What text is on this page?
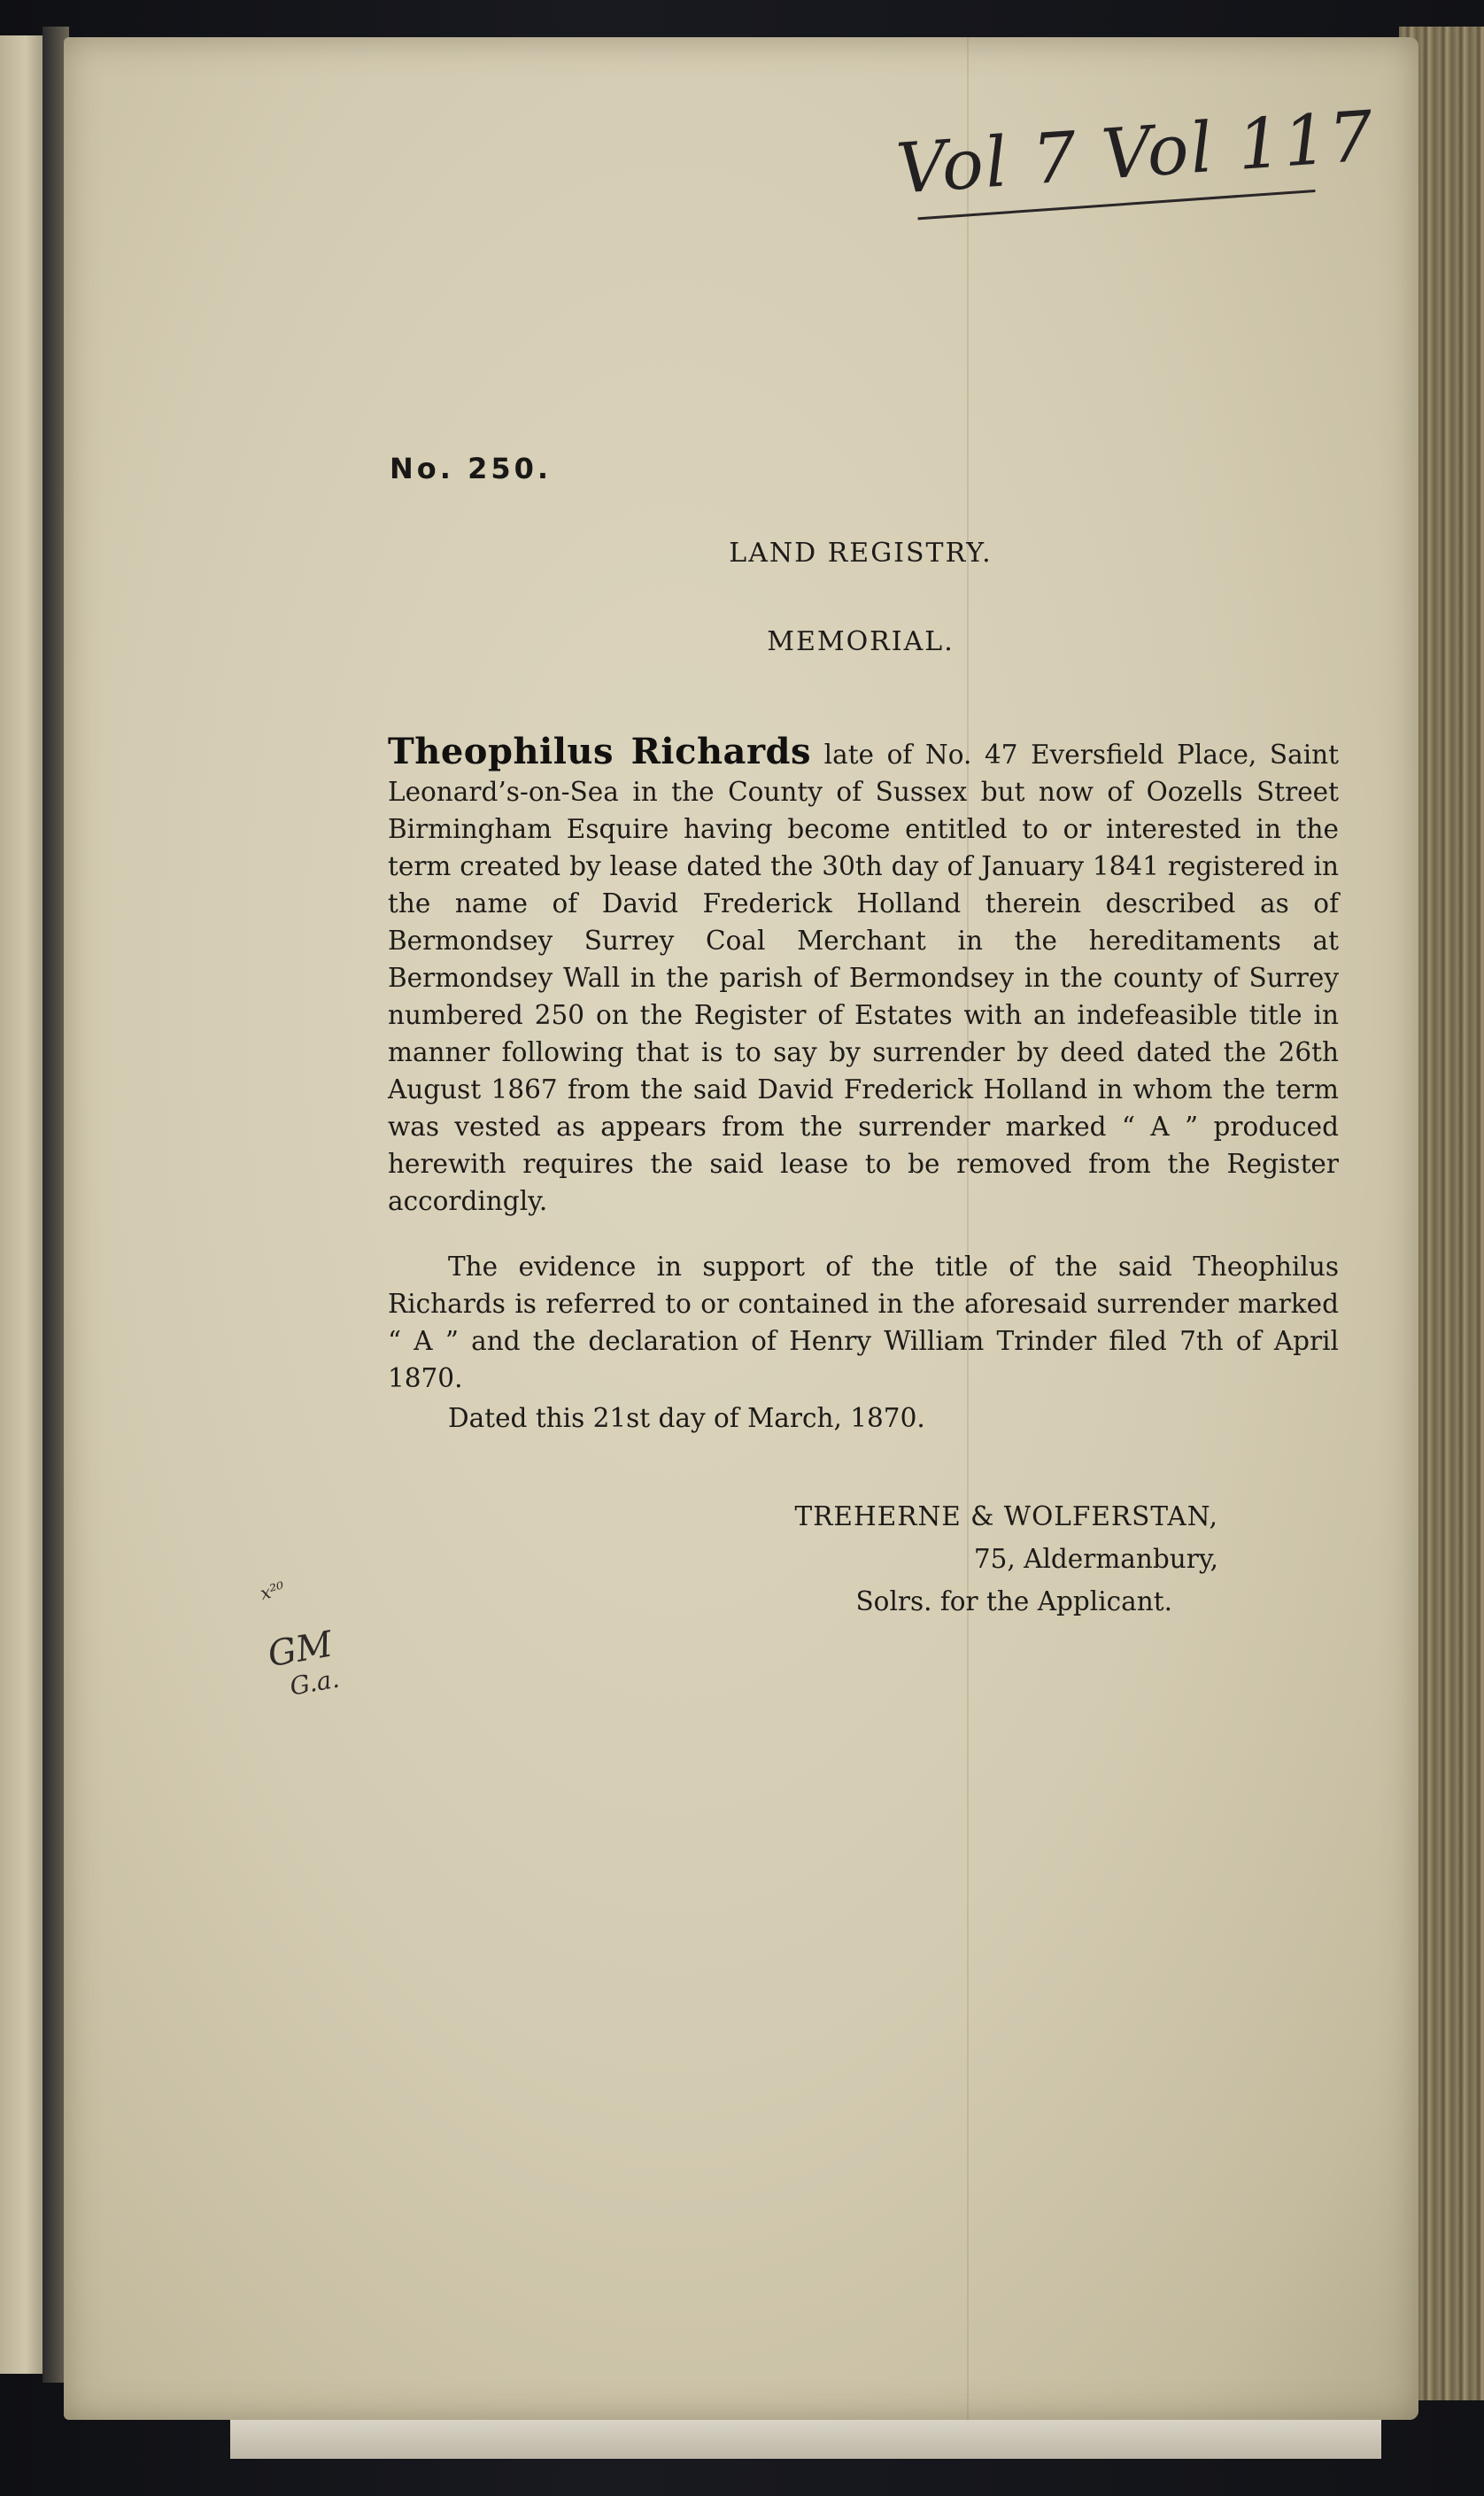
Vol 7 Vol 117
No. 250.
LAND REGISTRY.
MEMORIAL.

Theophilus Richards late of No. 47 Eversfield Place, Saint Leonard’s-on-Sea in the County of Sussex but now of Oozells Street Birmingham Esquire having become entitled to or interested in the term created by lease dated the 30th day of January 1841 registered in the name of David Frederick Holland therein described as of Bermondsey Surrey Coal Merchant in the hereditaments at Bermondsey Wall in the parish of Bermondsey in the county of Surrey numbered 250 on the Register of Estates with an indefeasible title in manner following that is to say by surrender by deed dated the 26th August 1867 from the said David Frederick Holland in whom the term was vested as appears from the surrender marked “ A ” produced herewith requires the said lease to be removed from the Register accordingly.

The evidence in support of the title of the said Theophilus Richards is referred to or contained in the aforesaid surrender marked “ A ” and the declaration of Henry William Trinder filed 7th of April 1870.

Dated this 21st day of March, 1870.
TREHERNE & WOLFERSTAN,
75, Aldermanbury,
Solrs. for the Applicant.
x²⁰
GM
G.a.
